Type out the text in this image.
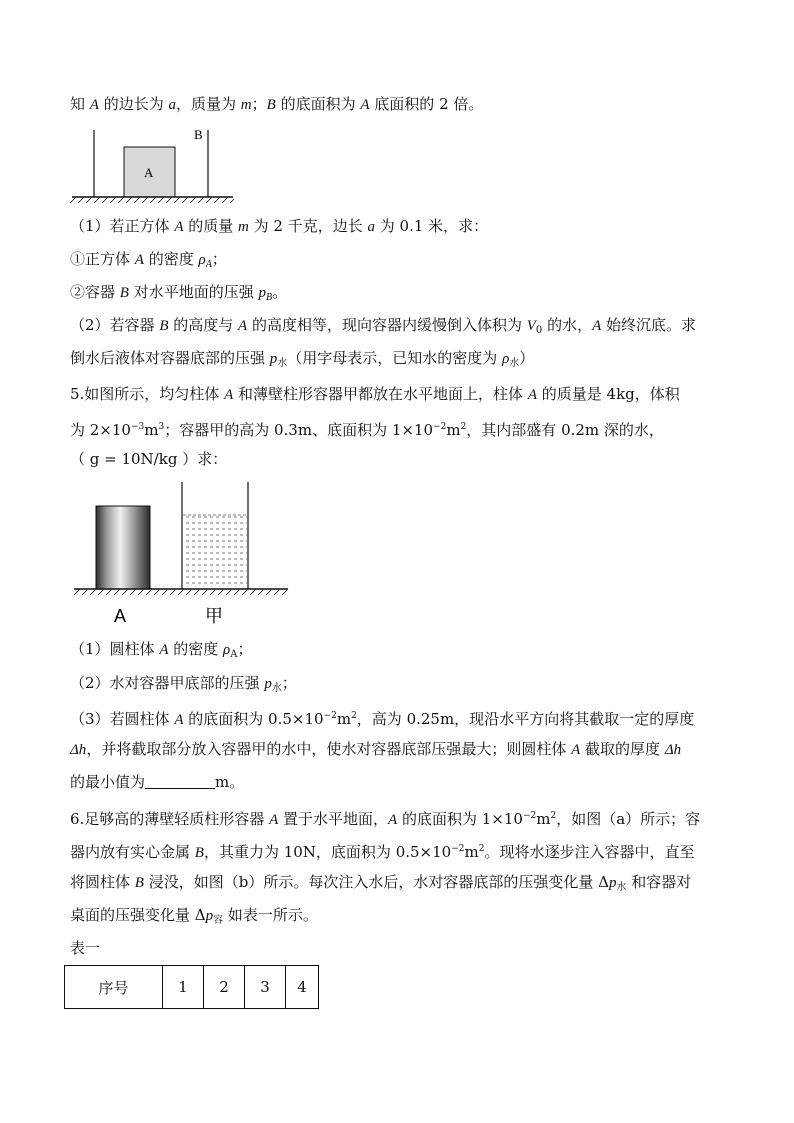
知 A 的边长为 a，质量为 m；B 的底面积为 A 底面积的 2 倍。
A
B
（1）若正方体 A 的质量 m 为 2 千克，边长 a 为 0.1 米，求：
①正方体 A 的密度 $\rho_A$；
②容器 B 对水平地面的压强 $p_B$。
（2）若容器 B 的高度与 A 的高度相等，现向容器内缓慢倒入体积为 $V_0$ 的水，A 始终沉底。求
倒水后液体对容器底部的压强 $p_水$（用字母表示，已知水的密度为 $\rho_水$）
5.如图所示，均匀柱体 A 和薄壁柱形容器甲都放在水平地面上，柱体 A 的质量是 4kg，体积
为 $2\times 10^{-3}m^3$；容器甲的高为 0.3m、底面积为 $1\times 10^{-2}m^2$，其内部盛有 0.2m 深的水，
（ g = 10N/kg ）求：
A	甲
（1）圆柱体 A 的密度 $\rho_A$；
（2）水对容器甲底部的压强 $p_水$；
（3）若圆柱体 A 的底面积为 $0.5\times 10^{-2}m^2$，高为 0.25m，现沿水平方向将其截取一定的厚度
Δh，并将截取部分放入容器甲的水中，使水对容器底部压强最大；则圆柱体 A 截取的厚度 Δh
的最小值为	m。
6.足够高的薄壁轻质柱形容器 A 置于水平地面，A 的底面积为 $1\times 10^{-2}m^2$，如图（a）所示；容
器内放有实心金属 B，其重力为 10N，底面积为 $0.5\times 10^{-2}m^2$。现将水逐步注入容器中，直至
将圆柱体 B 浸没，如图（b）所示。每次注入水后，水对容器底部的压强变化量 $\Delta p_水$ 和容器对
桌面的压强变化量 $\Delta p_容$ 如表一所示。
表一
序号	1	2	3	4
